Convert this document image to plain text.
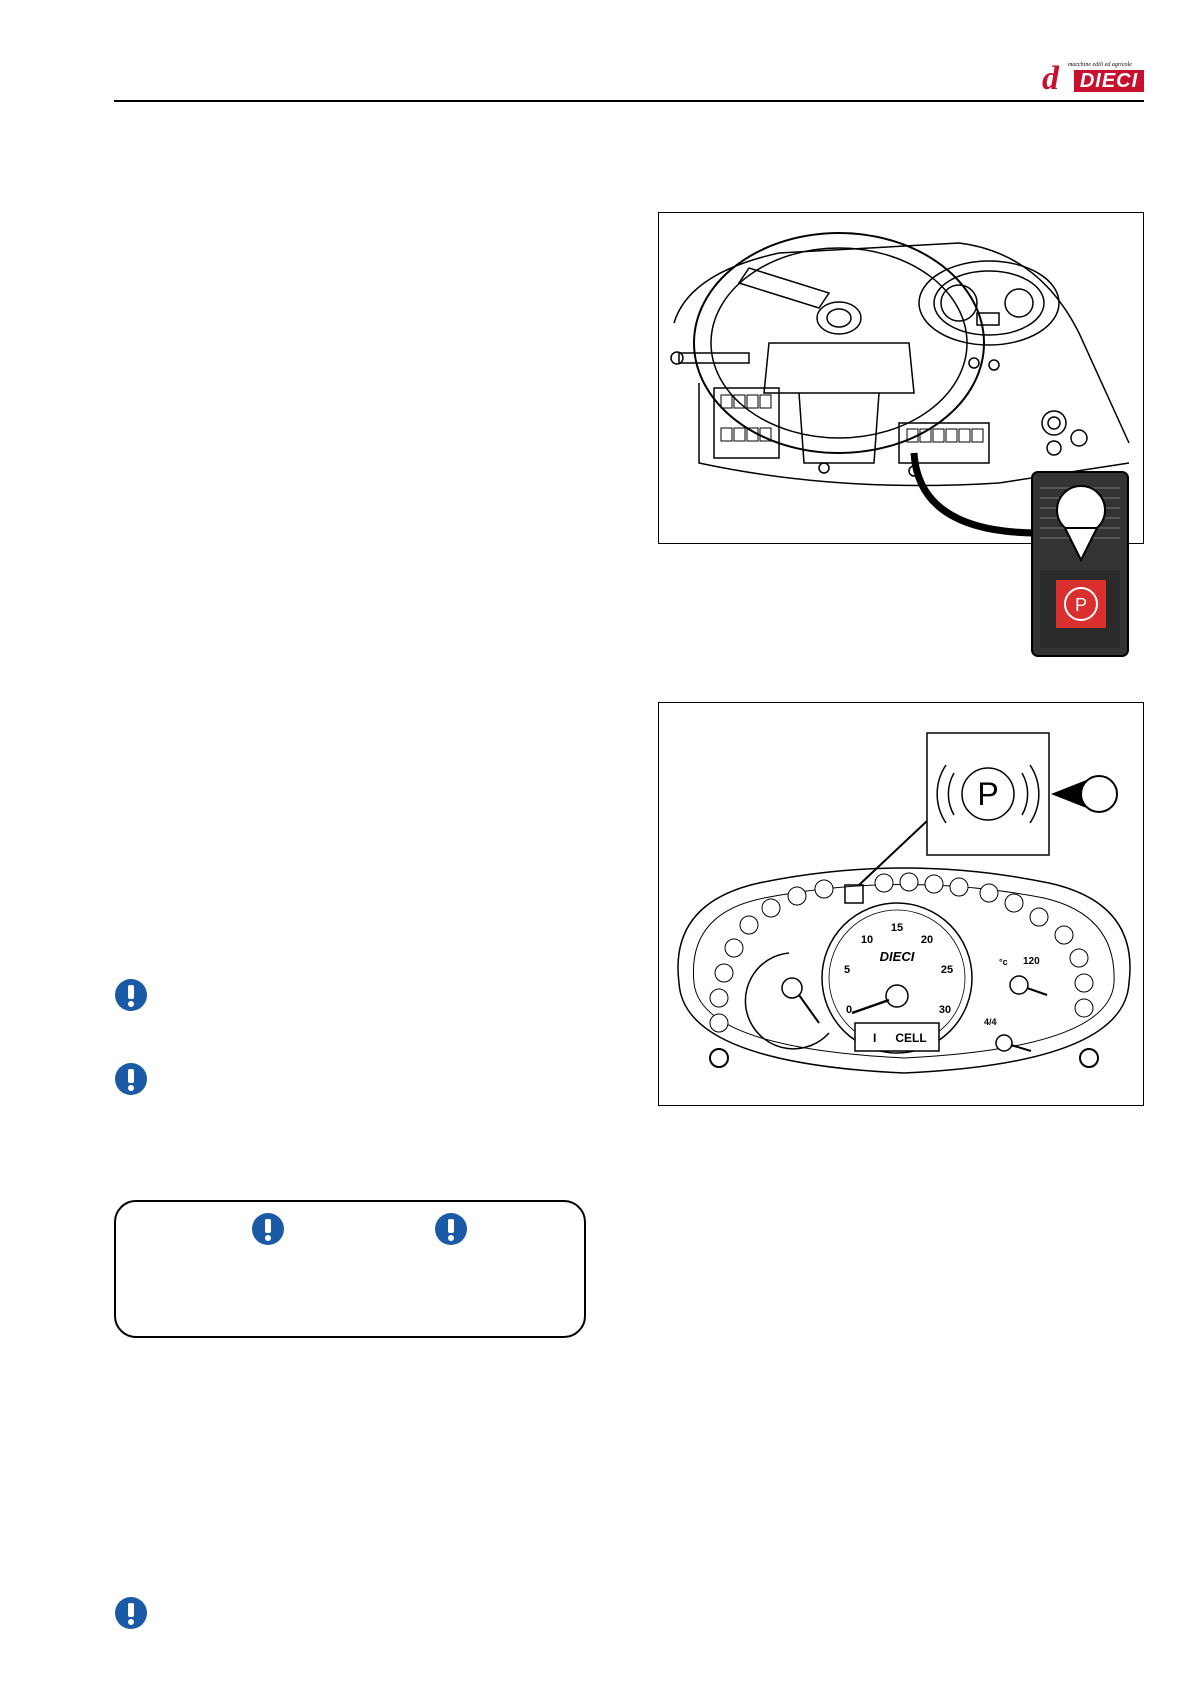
d macchine edili ed agricole
DIECI
P
P
0
5
10
15
20
25
30
DIECI
I CELL
°c 120
4/4
